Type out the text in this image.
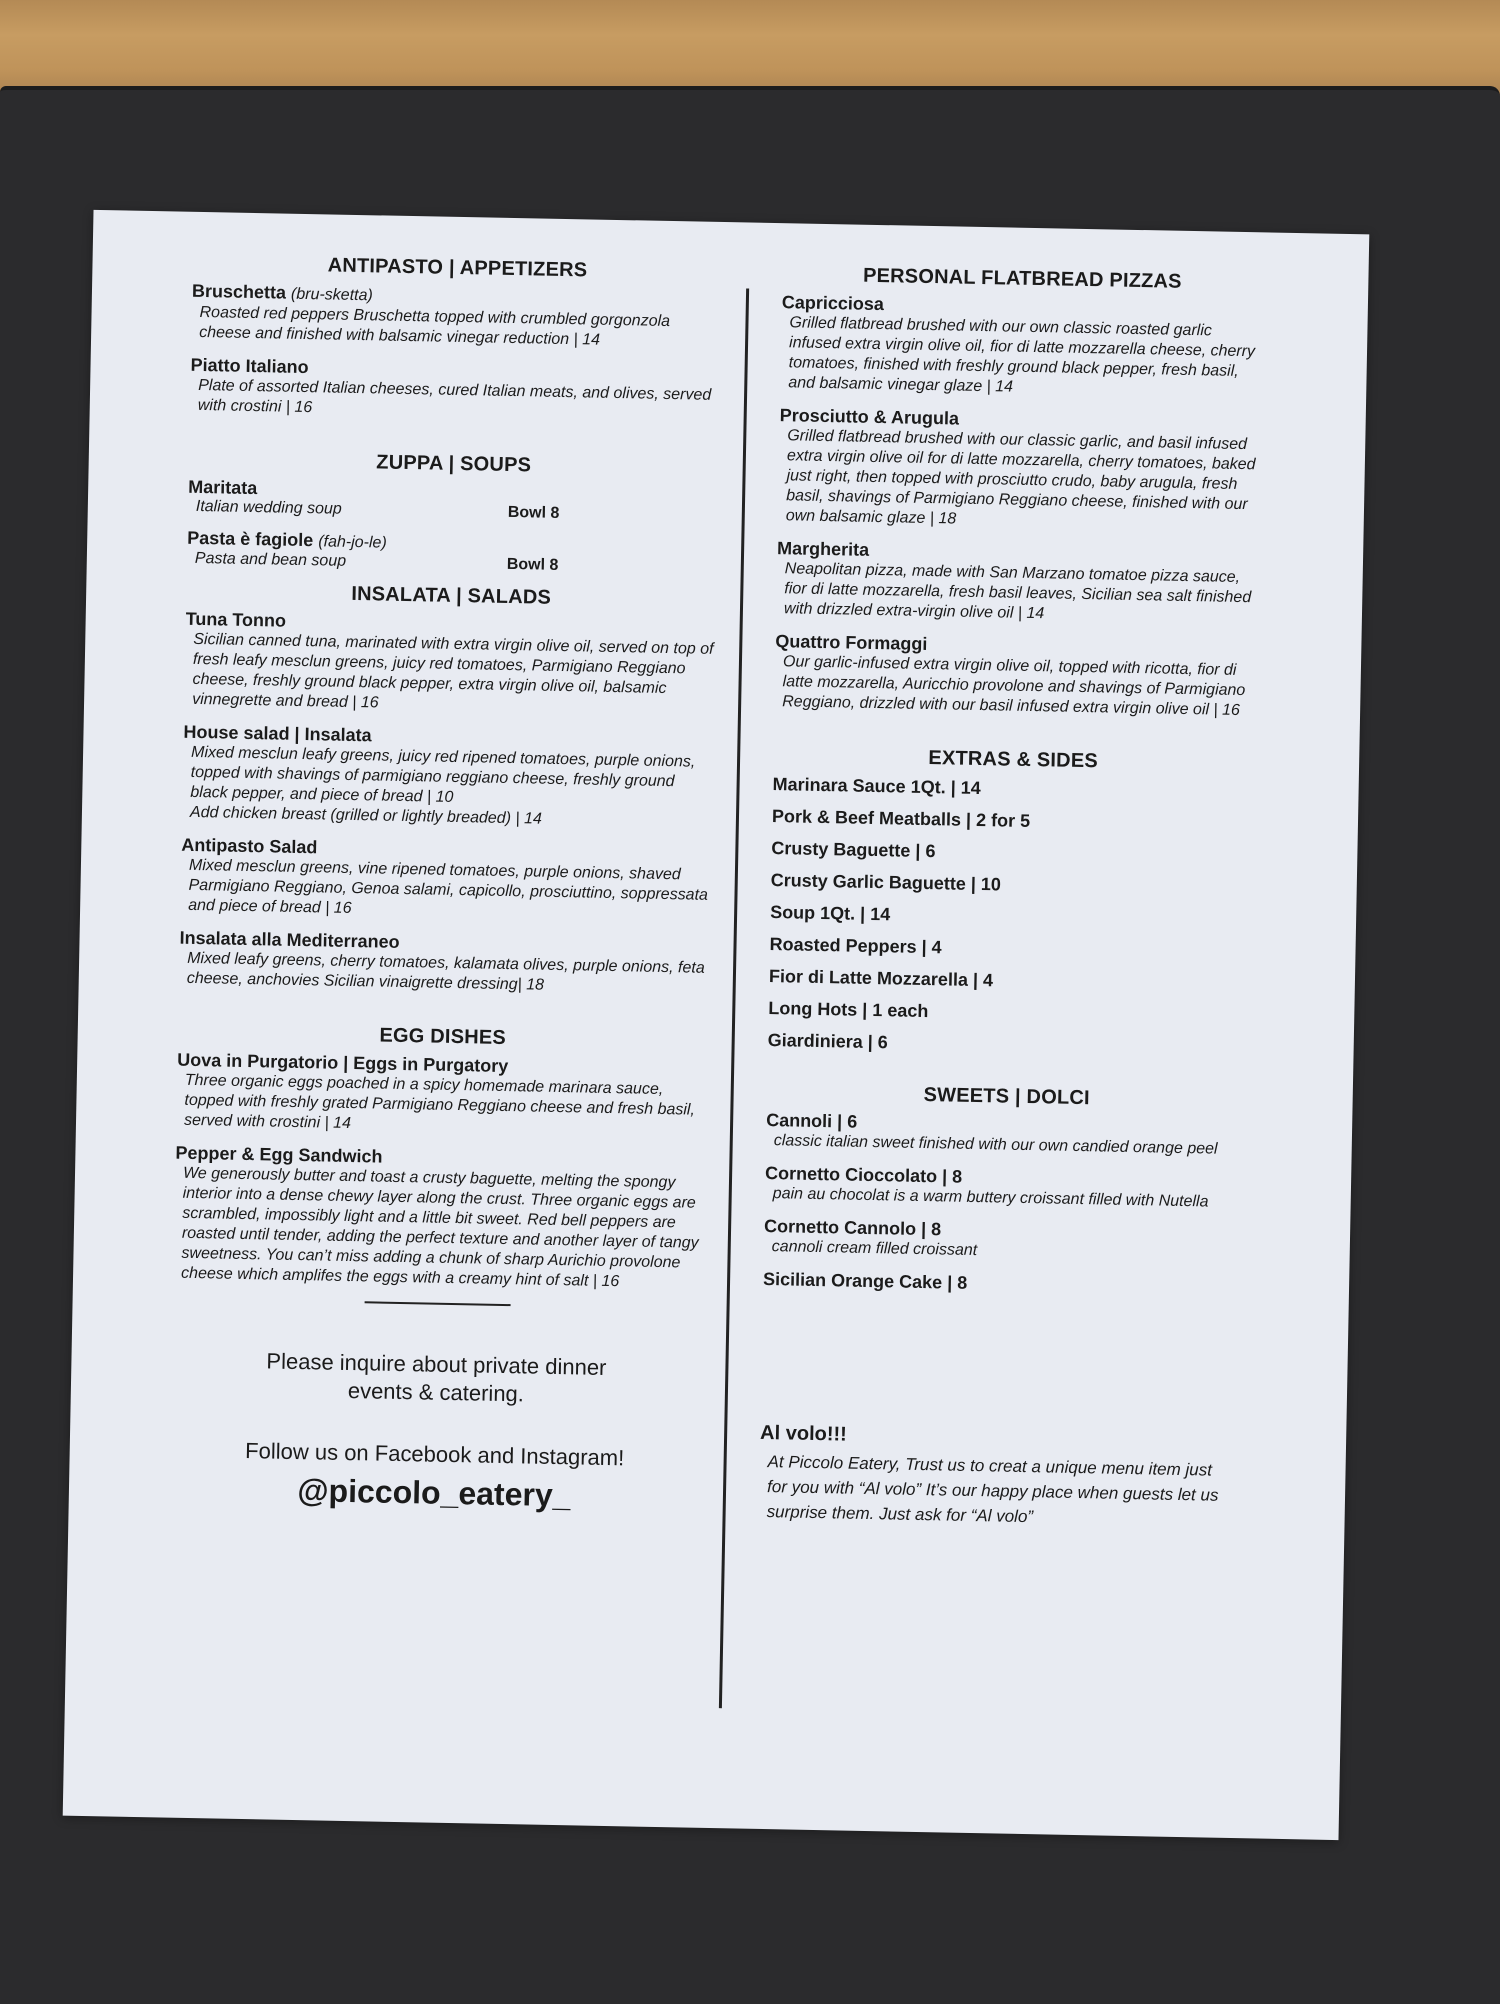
ANTIPASTO | APPETIZERS
Bruschetta (bru-sketta)
Roasted red peppers Bruschetta topped with crumbled gorgonzola cheese and finished with balsamic vinegar reduction | 14
Piatto Italiano
Plate of assorted Italian cheeses, cured Italian meats, and olives, served with crostini | 16
ZUPPA | SOUPS
Maritata
Italian wedding soup	Bowl 8
Pasta è fagiole (fah-jo-le)
Pasta and bean soup	Bowl 8
INSALATA | SALADS
Tuna Tonno
Sicilian canned tuna, marinated with extra virgin olive oil, served on top of fresh leafy mesclun greens, juicy red tomatoes, Parmigiano Reggiano cheese, freshly ground black pepper, extra virgin olive oil, balsamic vinnegrette and bread | 16
House salad | Insalata
Mixed mesclun leafy greens, juicy red ripened tomatoes, purple onions, topped with shavings of parmigiano reggiano cheese, freshly ground black pepper, and piece of bread | 10
Add chicken breast (grilled or lightly breaded) | 14
Antipasto Salad
Mixed mesclun greens, vine ripened tomatoes, purple onions, shaved Parmigiano Reggiano, Genoa salami, capicollo, prosciuttino, soppressata and piece of bread | 16
Insalata alla Mediterraneo
Mixed leafy greens, cherry tomatoes, kalamata olives, purple onions, feta cheese, anchovies Sicilian vinaigrette dressing| 18
EGG DISHES
Uova in Purgatorio | Eggs in Purgatory
Three organic eggs poached in a spicy homemade marinara sauce, topped with freshly grated Parmigiano Reggiano cheese and fresh basil, served with crostini | 14
Pepper & Egg Sandwich
We generously butter and toast a crusty baguette, melting the spongy interior into a dense chewy layer along the crust. Three organic eggs are scrambled, impossibly light and a little bit sweet. Red bell peppers are roasted until tender, adding the perfect texture and another layer of tangy sweetness. You can’t miss adding a chunk of sharp Aurichio provolone cheese which amplifes the eggs with a creamy hint of salt | 16
Please inquire about private dinner events & catering.
Follow us on Facebook and Instagram!
@piccolo_eatery_
PERSONAL FLATBREAD PIZZAS
Capricciosa
Grilled flatbread brushed with our own classic roasted garlic infused extra virgin olive oil, fior di latte mozzarella cheese, cherry tomatoes, finished with freshly ground black pepper, fresh basil, and balsamic vinegar glaze | 14
Prosciutto & Arugula
Grilled flatbread brushed with our classic garlic, and basil infused extra virgin olive oil for di latte mozzarella, cherry tomatoes, baked just right, then topped with prosciutto crudo, baby arugula, fresh basil, shavings of Parmigiano Reggiano cheese, finished with our own balsamic glaze | 18
Margherita
Neapolitan pizza, made with San Marzano tomatoe pizza sauce, fior di latte mozzarella, fresh basil leaves, Sicilian sea salt finished with drizzled extra-virgin olive oil | 14
Quattro Formaggi
Our garlic-infused extra virgin olive oil, topped with ricotta, fior di latte mozzarella, Auricchio provolone and shavings of Parmigiano Reggiano, drizzled with our basil infused extra virgin olive oil | 16
EXTRAS & SIDES
Marinara Sauce 1Qt. | 14
Pork & Beef Meatballs | 2 for 5
Crusty Baguette | 6
Crusty Garlic Baguette | 10
Soup 1Qt. | 14
Roasted Peppers | 4
Fior di Latte Mozzarella | 4
Long Hots | 1 each
Giardiniera | 6
SWEETS | DOLCI
Cannoli | 6
classic italian sweet finished with our own candied orange peel
Cornetto Cioccolato | 8
pain au chocolat is a warm buttery croissant filled with Nutella
Cornetto Cannolo | 8
cannoli cream filled croissant
Sicilian Orange Cake | 8
Al volo!!!
At Piccolo Eatery, Trust us to creat a unique menu item just for you with “Al volo” It’s our happy place when guests let us surprise them. Just ask for “Al volo”
